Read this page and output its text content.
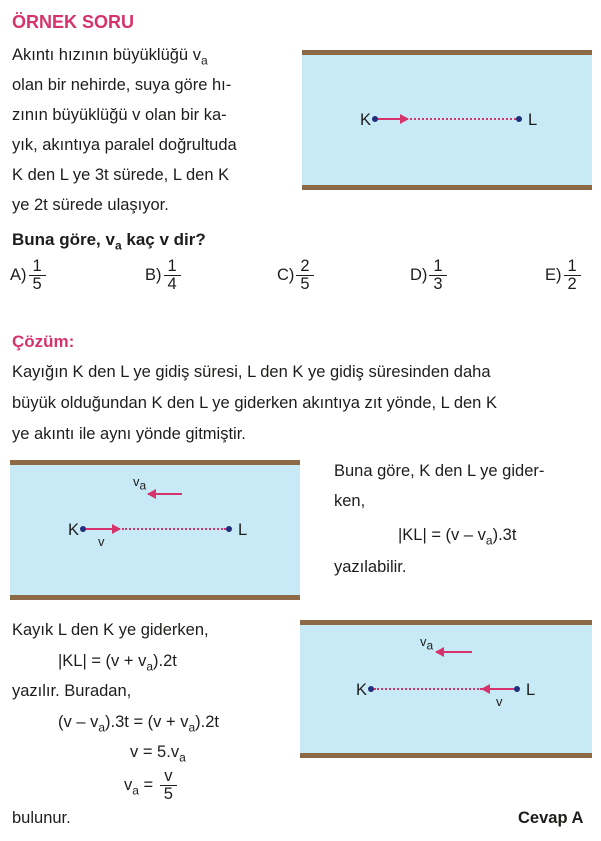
ÖRNEK SORU
Akıntı hızının büyüklüğü $v_a$
olan bir nehirde, suya göre hı-
zının büyüklüğü v olan bir ka-
yık, akıntıya paralel doğrultuda
K den L ye 3t sürede, L den K
ye 2t sürede ulaşıyor.
K	L
Buna göre, $v_a$ kaç v dir?
$A) \frac{1}{5}$	$B) \frac{1}{4}$	$C) \frac{2}{5}$	$D) \frac{1}{3}$	$E) \frac{1}{2}$
Çözüm:
Kayığın K den L ye gidiş süresi, L den K ye gidiş süresinden daha
büyük olduğundan K den L ye giderken akıntıya zıt yönde, L den K
ye akıntı ile aynı yönde gitmiştir.
$v_a$
K
v
L
Buna göre, K den L ye gider-
ken,
$|KL| = (v - v_a).3t$
yazılabilir.
Kayık L den K ye giderken,
$|KL| = (v + v_a).2t$
yazılır. Buradan,
$(v - v_a).3t = (v + v_a).2t$
$v = 5.v_a$
$v_a = \frac{v}{5}$
bulunur.	Cevap A
$v_a$
K
v
L
